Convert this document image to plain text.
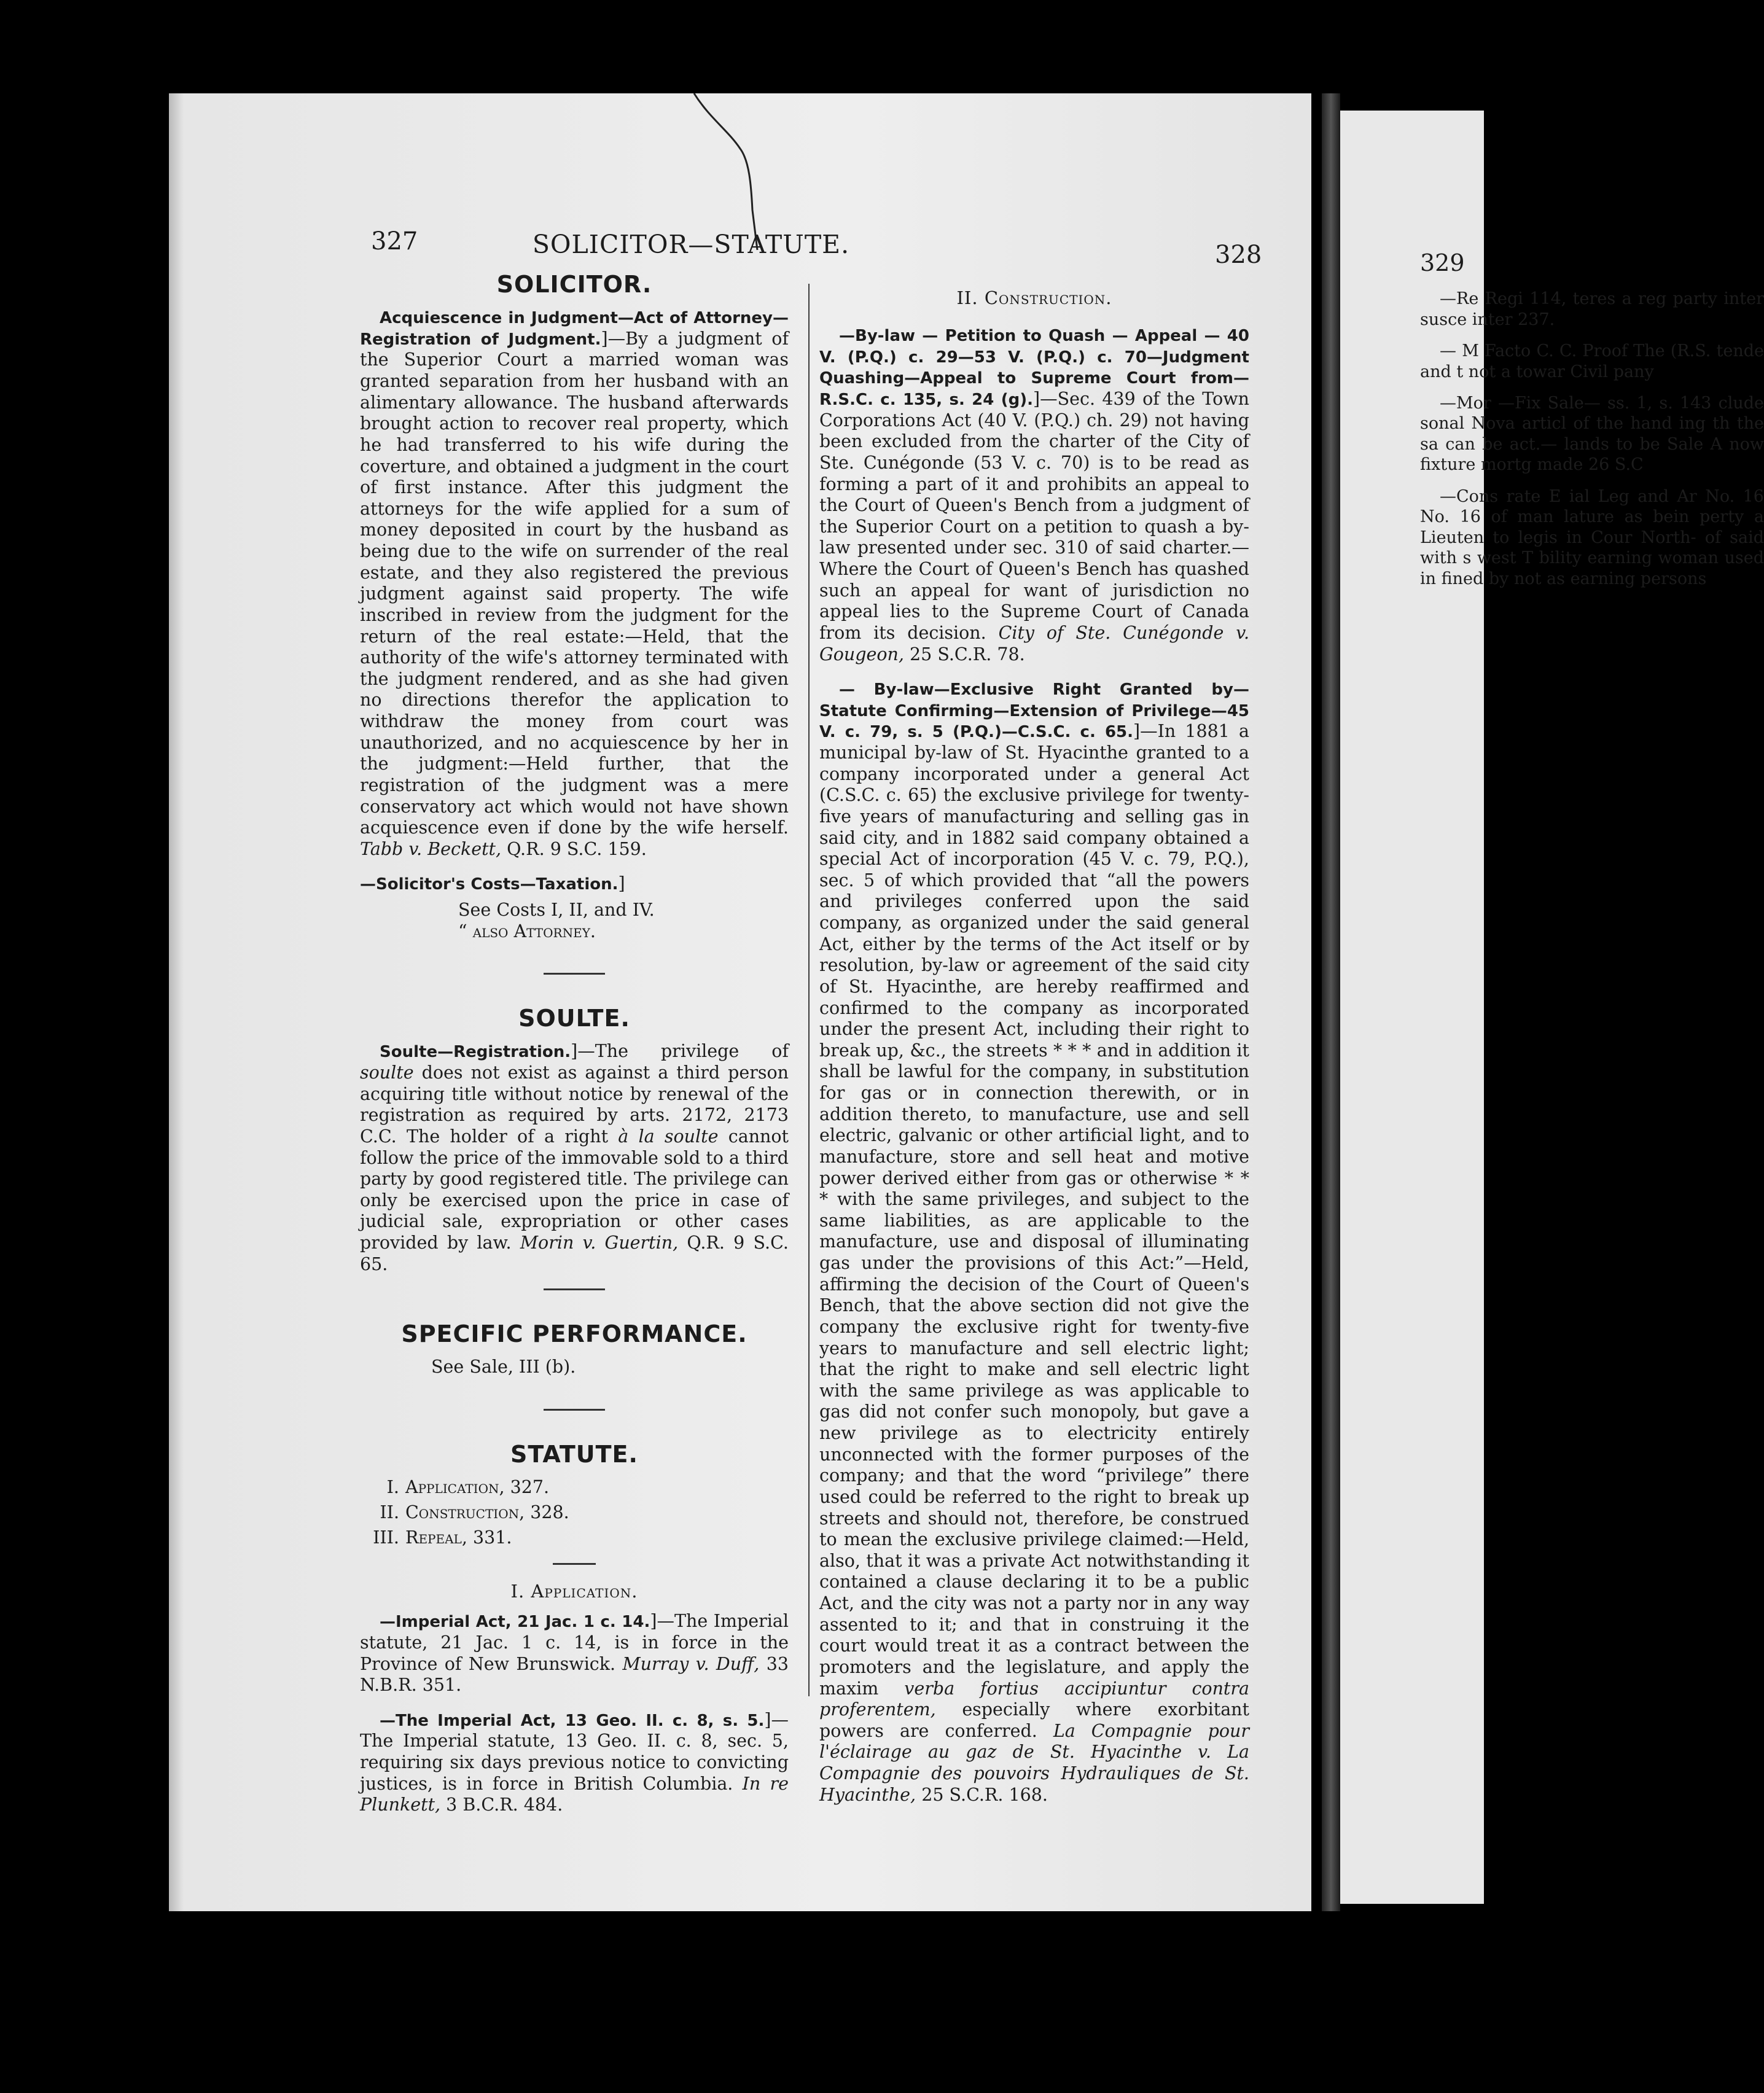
327	SOLICITOR—STATUTE.	328
SOLICITOR.

Acquiescence in Judgment—Act of Attorney—Registration of Judgment.]—By a judgment of the Superior Court a married woman was granted separation from her husband with an alimentary allowance. The husband afterwards brought action to recover real property, which he had transferred to his wife during the coverture, and obtained a judgment in the court of first instance. After this judgment the attorneys for the wife applied for a sum of money deposited in court by the husband as being due to the wife on surrender of the real estate, and they also registered the previous judgment against said property. The wife inscribed in review from the judgment for the return of the real estate:—Held, that the authority of the wife's attorney terminated with the judgment rendered, and as she had given no directions therefor the application to withdraw the money from court was unauthorized, and no acquiescence by her in the judgment:—Held further, that the registration of the judgment was a mere conservatory act which would not have shown acquiescence even if done by the wife herself. Tabb v. Beckett, Q.R. 9 S.C. 159.

—Solicitor's Costs—Taxation.]

See Costs I, II, and IV.

“ also Attorney.

SOULTE.

Soulte—Registration.]—The privilege of soulte does not exist as against a third person acquiring title without notice by renewal of the registration as required by arts. 2172, 2173 C.C. The holder of a right à la soulte cannot follow the price of the immovable sold to a third party by good registered title. The privilege can only be exercised upon the price in case of judicial sale, expropriation or other cases provided by law. Morin v. Guertin, Q.R. 9 S.C. 65.

SPECIFIC PERFORMANCE.

See Sale, III (b).

STATUTE.
I. Application, 327.
II. Construction, 328.
III. Repeal, 331.
I. Application.

—Imperial Act, 21 Jac. 1 c. 14.]—The Imperial statute, 21 Jac. 1 c. 14, is in force in the Province of New Brunswick. Murray v. Duff, 33 N.B.R. 351.

—The Imperial Act, 13 Geo. II. c. 8, s. 5.]—The Imperial statute, 13 Geo. II. c. 8, sec. 5, requiring six days previous notice to convicting justices, is in force in British Columbia. In re Plunkett, 3 B.C.R. 484.

II. Construction.

—By-law — Petition to Quash — Appeal — 40 V. (P.Q.) c. 29—53 V. (P.Q.) c. 70—Judgment Quashing—Appeal to Supreme Court from—R.S.C. c. 135, s. 24 (g).]—Sec. 439 of the Town Corporations Act (40 V. (P.Q.) ch. 29) not having been excluded from the charter of the City of Ste. Cunégonde (53 V. c. 70) is to be read as forming a part of it and prohibits an appeal to the Court of Queen's Bench from a judgment of the Superior Court on a petition to quash a by-law presented under sec. 310 of said charter.—Where the Court of Queen's Bench has quashed such an appeal for want of jurisdiction no appeal lies to the Supreme Court of Canada from its decision. City of Ste. Cunégonde v. Gougeon, 25 S.C.R. 78.

— By-law—Exclusive Right Granted by—Statute Confirming—Extension of Privilege—45 V. c. 79, s. 5 (P.Q.)—C.S.C. c. 65.]—In 1881 a municipal by-law of St. Hyacinthe granted to a company incorporated under a general Act (C.S.C. c. 65) the exclusive privilege for twenty-five years of manufacturing and selling gas in said city, and in 1882 said company obtained a special Act of incorporation (45 V. c. 79, P.Q.), sec. 5 of which provided that “all the powers and privileges conferred upon the said company, as organized under the said general Act, either by the terms of the Act itself or by resolution, by-law or agreement of the said city of St. Hyacinthe, are hereby reaffirmed and confirmed to the company as incorporated under the present Act, including their right to break up, &c., the streets * * * and in addition it shall be lawful for the company, in substitution for gas or in connection therewith, or in addition thereto, to manufacture, use and sell electric, galvanic or other artificial light, and to manufacture, store and sell heat and motive power derived either from gas or otherwise * * * with the same privileges, and subject to the same liabilities, as are applicable to the manufacture, use and disposal of illuminating gas under the provisions of this Act:”—Held, affirming the decision of the Court of Queen's Bench, that the above section did not give the company the exclusive right for twenty-five years to manufacture and sell electric light; that the right to make and sell electric light with the same privilege as was applicable to gas did not confer such monopoly, but gave a new privilege as to electricity entirely unconnected with the former purposes of the company; and that the word “privilege” there used could be referred to the right to break up streets and should not, therefore, be construed to mean the exclusive privilege claimed:—Held, also, that it was a private Act notwithstanding it contained a clause declaring it to be a public Act, and the city was not a party nor in any way assented to it; and that in construing it the court would treat it as a contract between the promoters and the legislature, and apply the maxim verba fortius accipiuntur contra proferentem, especially where exorbitant powers are conferred. La Compagnie pour l'éclairage au gaz de St. Hyacinthe v. La Compagnie des pouvoirs Hydrauliques de St. Hyacinthe, 25 S.C.R. 168.

329

—Re Regi 114, teres a reg party inter susce inter 237.

— M Facto C. C. Proof The (R.S. tende and t not a towar Civil pany

—Mor —Fix Sale— ss. 1, s. 143 clude sonal Nova articl of the hand ing th the sa can be act.— lands to be Sale A now fixture mortg made 26 S.C

—Cons rate E ial Leg and Ar No. 16 No. 16 of man lature as bein perty a Lieuten to legis in Cour North- of said with s west T bility earning woman used in fined by not as earning persons
